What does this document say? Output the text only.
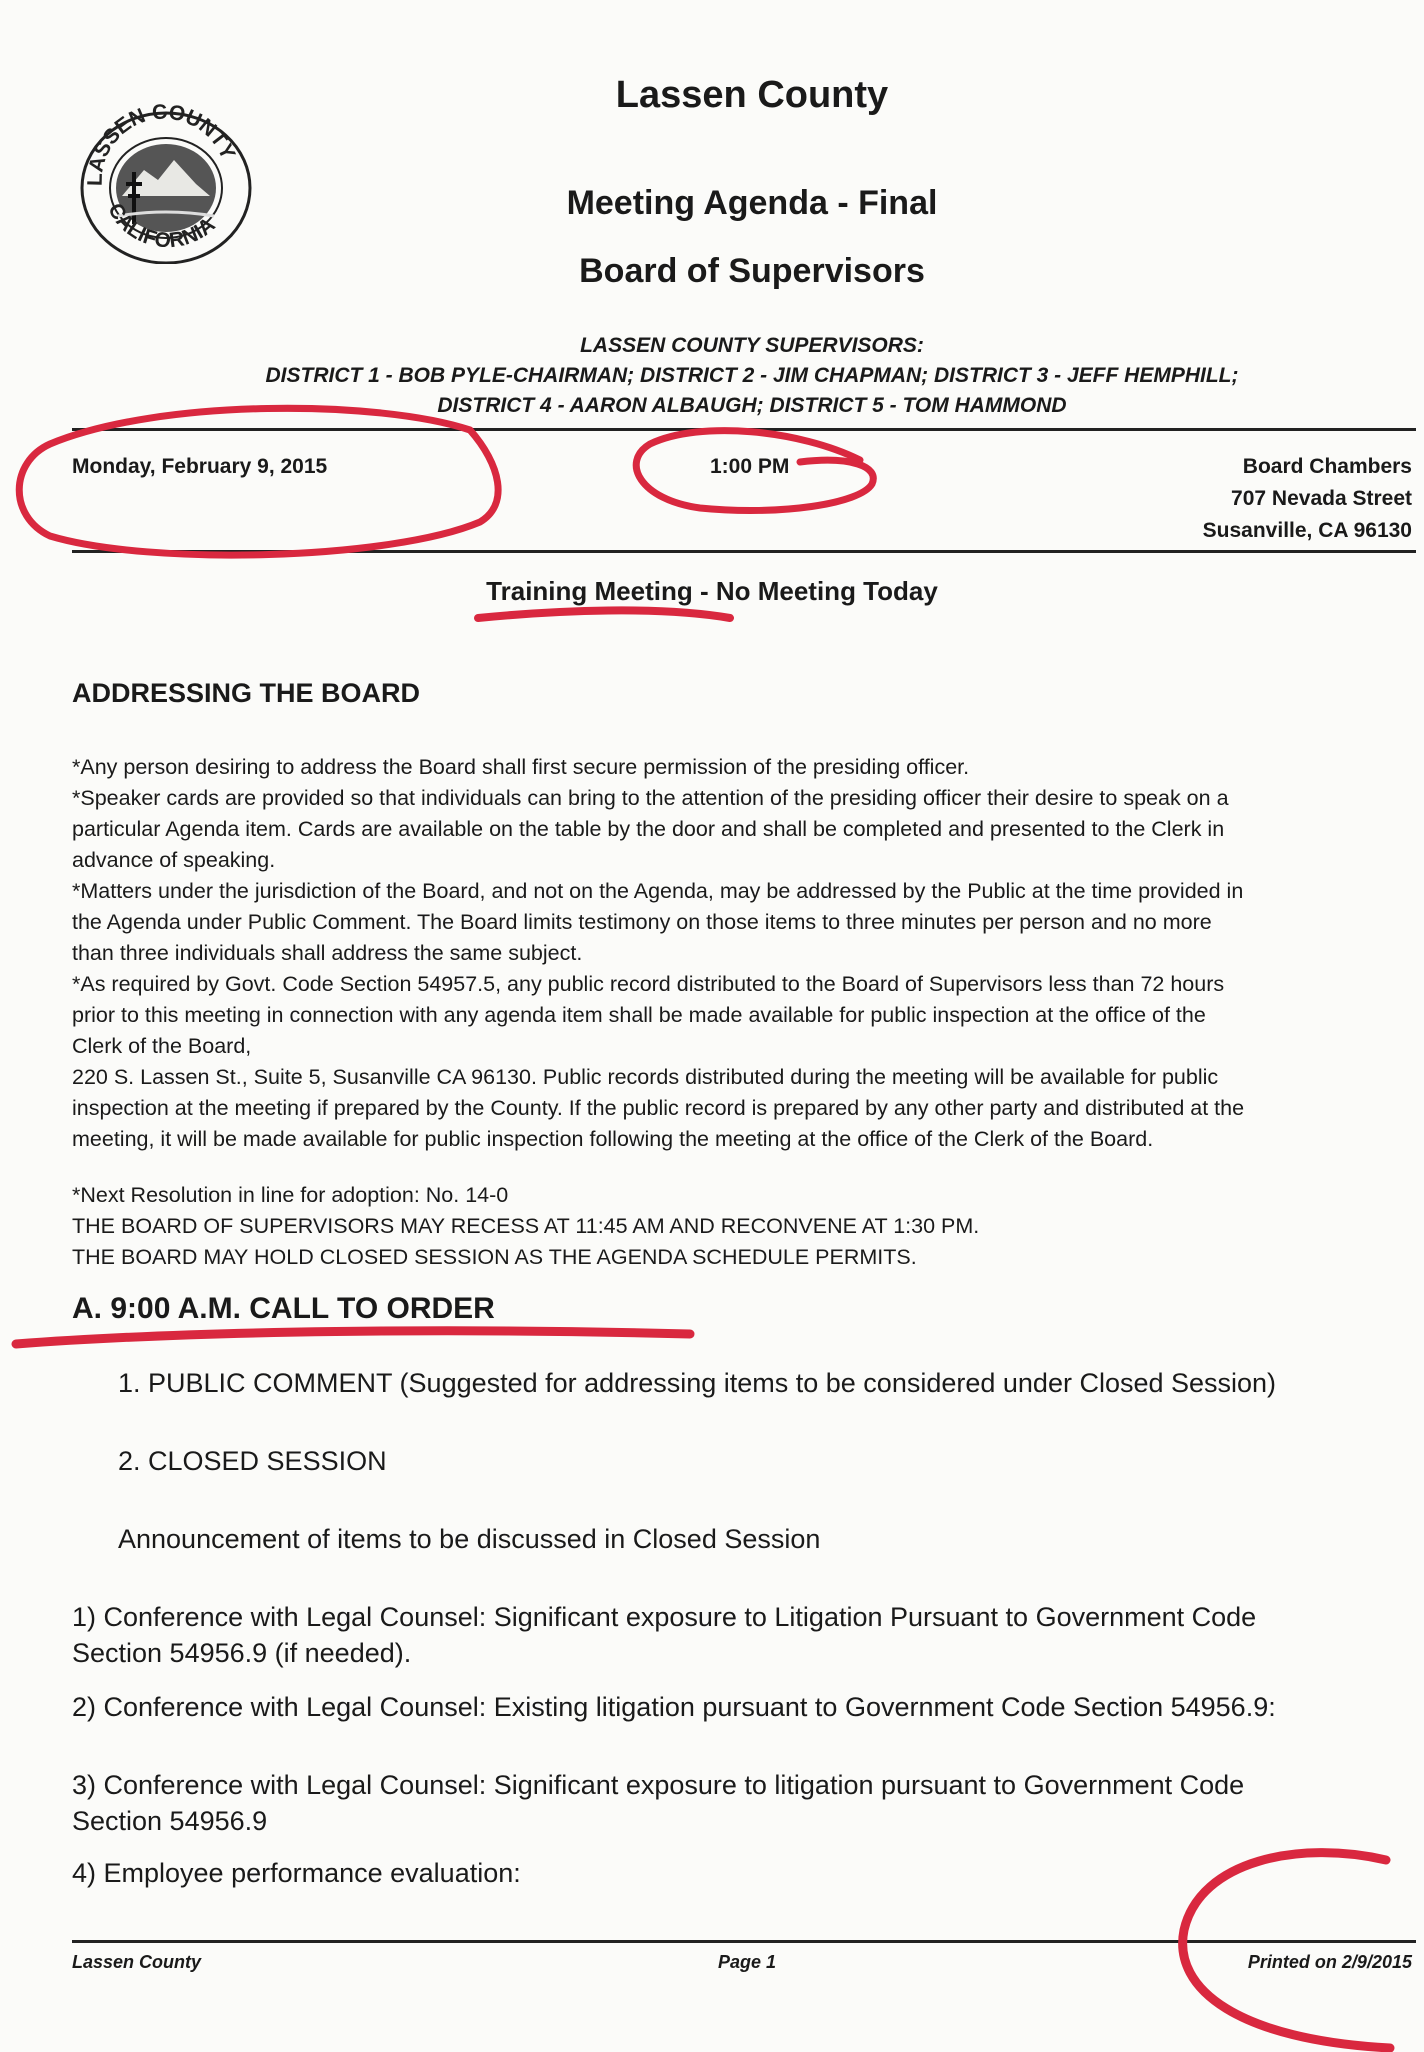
LASSEN COUNTY
CALIFORNIA
Lassen County
Meeting Agenda - Final
Board of Supervisors
LASSEN COUNTY SUPERVISORS:
DISTRICT 1 - BOB PYLE-CHAIRMAN; DISTRICT 2 - JIM CHAPMAN; DISTRICT 3 - JEFF HEMPHILL;
DISTRICT 4 - AARON ALBAUGH; DISTRICT 5 - TOM HAMMOND
Monday, February 9, 2015	1:00 PM	Board Chambers
707 Nevada Street
Susanville, CA 96130
Training Meeting - No Meeting Today
ADDRESSING THE BOARD

*Any person desiring to address the Board shall first secure permission of the presiding officer.

*Speaker cards are provided so that individuals can bring to the attention of the presiding officer their desire to speak on a

particular Agenda item. Cards are available on the table by the door and shall be completed and presented to the Clerk in

advance of speaking.

*Matters under the jurisdiction of the Board, and not on the Agenda, may be addressed by the Public at the time provided in

the Agenda under Public Comment. The Board limits testimony on those items to three minutes per person and no more

than three individuals shall address the same subject.

*As required by Govt. Code Section 54957.5, any public record distributed to the Board of Supervisors less than 72 hours

prior to this meeting in connection with any agenda item shall be made available for public inspection at the office of the

Clerk of the Board,

220 S. Lassen St., Suite 5, Susanville CA 96130. Public records distributed during the meeting will be available for public

inspection at the meeting if prepared by the County. If the public record is prepared by any other party and distributed at the

meeting, it will be made available for public inspection following the meeting at the office of the Clerk of the Board.

*Next Resolution in line for adoption: No. 14-0

THE BOARD OF SUPERVISORS MAY RECESS AT 11:45 AM AND RECONVENE AT 1:30 PM.

THE BOARD MAY HOLD CLOSED SESSION AS THE AGENDA SCHEDULE PERMITS.

A. 9:00 A.M. CALL TO ORDER
1. PUBLIC COMMENT (Suggested for addressing items to be considered under Closed Session)
2. CLOSED SESSION
Announcement of items to be discussed in Closed Session
1) Conference with Legal Counsel: Significant exposure to Litigation Pursuant to Government Code
Section 54956.9 (if needed).
2) Conference with Legal Counsel: Existing litigation pursuant to Government Code Section 54956.9:
3) Conference with Legal Counsel: Significant exposure to litigation pursuant to Government Code
Section 54956.9
4) Employee performance evaluation:
Lassen County	Page 1	Printed on 2/9/2015
